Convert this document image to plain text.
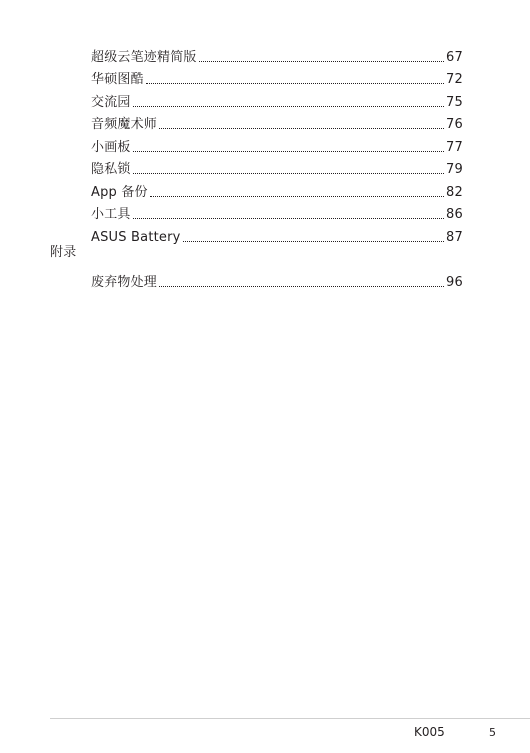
超级云笔迹精简版	67
华硕图酷	72
交流园	75
音频魔术师	76
小画板	77
隐私锁	79
App 备份	82
小工具	86
ASUS Battery	87
附录
废弃物处理	96
K005	5
